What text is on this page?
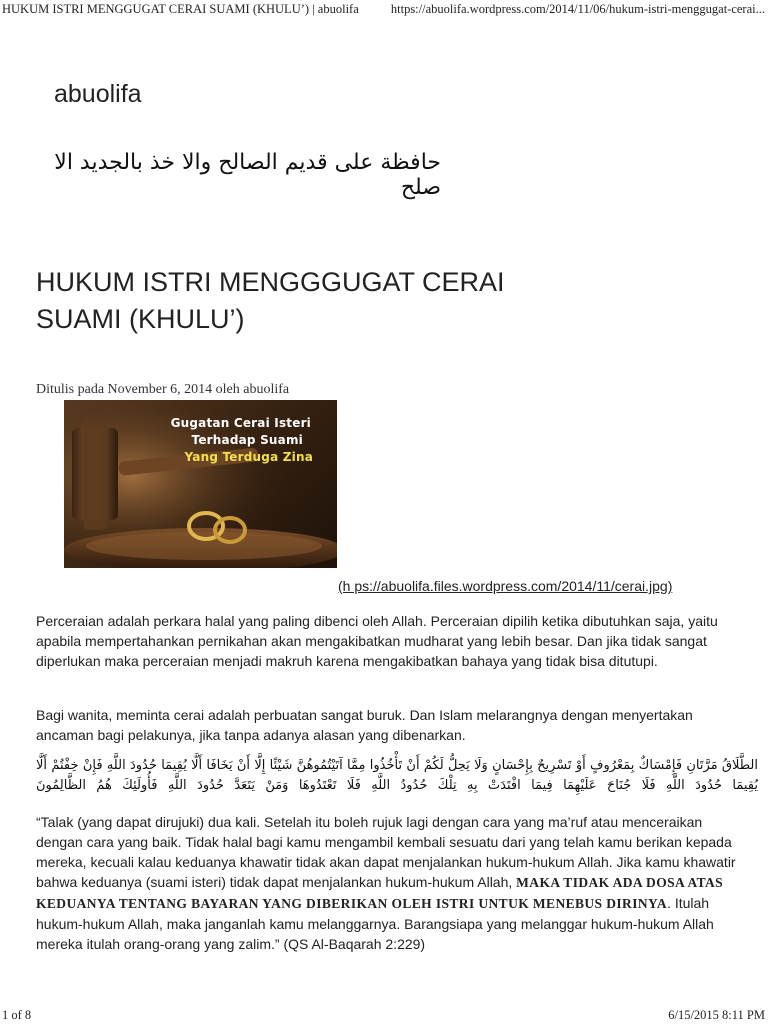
HUKUM ISTRI MENGGUGAT CERAI SUAMI (KHULU’) | abuolifa	https://abuolifa.wordpress.com/2014/11/06/hukum-istri-menggugat-cerai...
abuolifa
حافظة على قديم الصالح والا خذ بالجديد الا صلح
HUKUM ISTRI MENGGGUGAT CERAI SUAMI (KHULU’)
Ditulis pada November 6, 2014 oleh abuolifa
Gugatan Cerai Isteri
Terhadap Suami
Yang Terduga Zina
(h ps://abuolifa.files.wordpress.com/2014/11/cerai.jpg)

Perceraian adalah perkara halal yang paling dibenci oleh Allah. Perceraian dipilih ketika dibutuhkan saja, yaitu apabila mempertahankan pernikahan akan mengakibatkan mudharat yang lebih besar. Dan jika tidak sangat diperlukan maka perceraian menjadi makruh karena mengakibatkan bahaya yang tidak bisa ditutupi.

Bagi wanita, meminta cerai adalah perbuatan sangat buruk. Dan Islam melarangnya dengan menyertakan ancaman bagi pelakunya, jika tanpa adanya alasan yang dibenarkan.

الطَّلَاقُ مَرَّتَانِ فَإِمْسَاكٌ بِمَعْرُوفٍ أَوْ تَسْرِيحٌ بِإِحْسَانٍ وَلَا يَحِلُّ لَكُمْ أَنْ تَأْخُذُوا مِمَّا آتَيْتُمُوهُنَّ شَيْئًا إِلَّا أَنْ يَخَافَا أَلَّا يُقِيمَا حُدُودَ اللَّهِ فَإِنْ خِفْتُمْ أَلَّا يُقِيمَا حُدُودَ اللَّهِ فَلَا جُنَاحَ عَلَيْهِمَا فِيمَا افْتَدَتْ بِهِ تِلْكَ حُدُودُ اللَّهِ فَلَا تَعْتَدُوهَا وَمَنْ يَتَعَدَّ حُدُودَ اللَّهِ فَأُولَئِكَ هُمُ الظَّالِمُونَ

“Talak (yang dapat dirujuki) dua kali. Setelah itu boleh rujuk lagi dengan cara yang ma’ruf atau menceraikan dengan cara yang baik. Tidak halal bagi kamu mengambil kembali sesuatu dari yang telah kamu berikan kepada mereka, kecuali kalau keduanya khawatir tidak akan dapat menjalankan hukum-hukum Allah. Jika kamu khawatir bahwa keduanya (suami isteri) tidak dapat menjalankan hukum-hukum Allah, MAKA TIDAK ADA DOSA ATAS KEDUANYA TENTANG BAYARAN YANG DIBERIKAN OLEH ISTRI UNTUK MENEBUS DIRINYA. Itulah hukum-hukum Allah, maka janganlah kamu melanggarnya. Barangsiapa yang melanggar hukum-hukum Allah mereka itulah orang-orang yang zalim.” (QS Al-Baqarah 2:229)

1 of 8	6/15/2015 8:11 PM
